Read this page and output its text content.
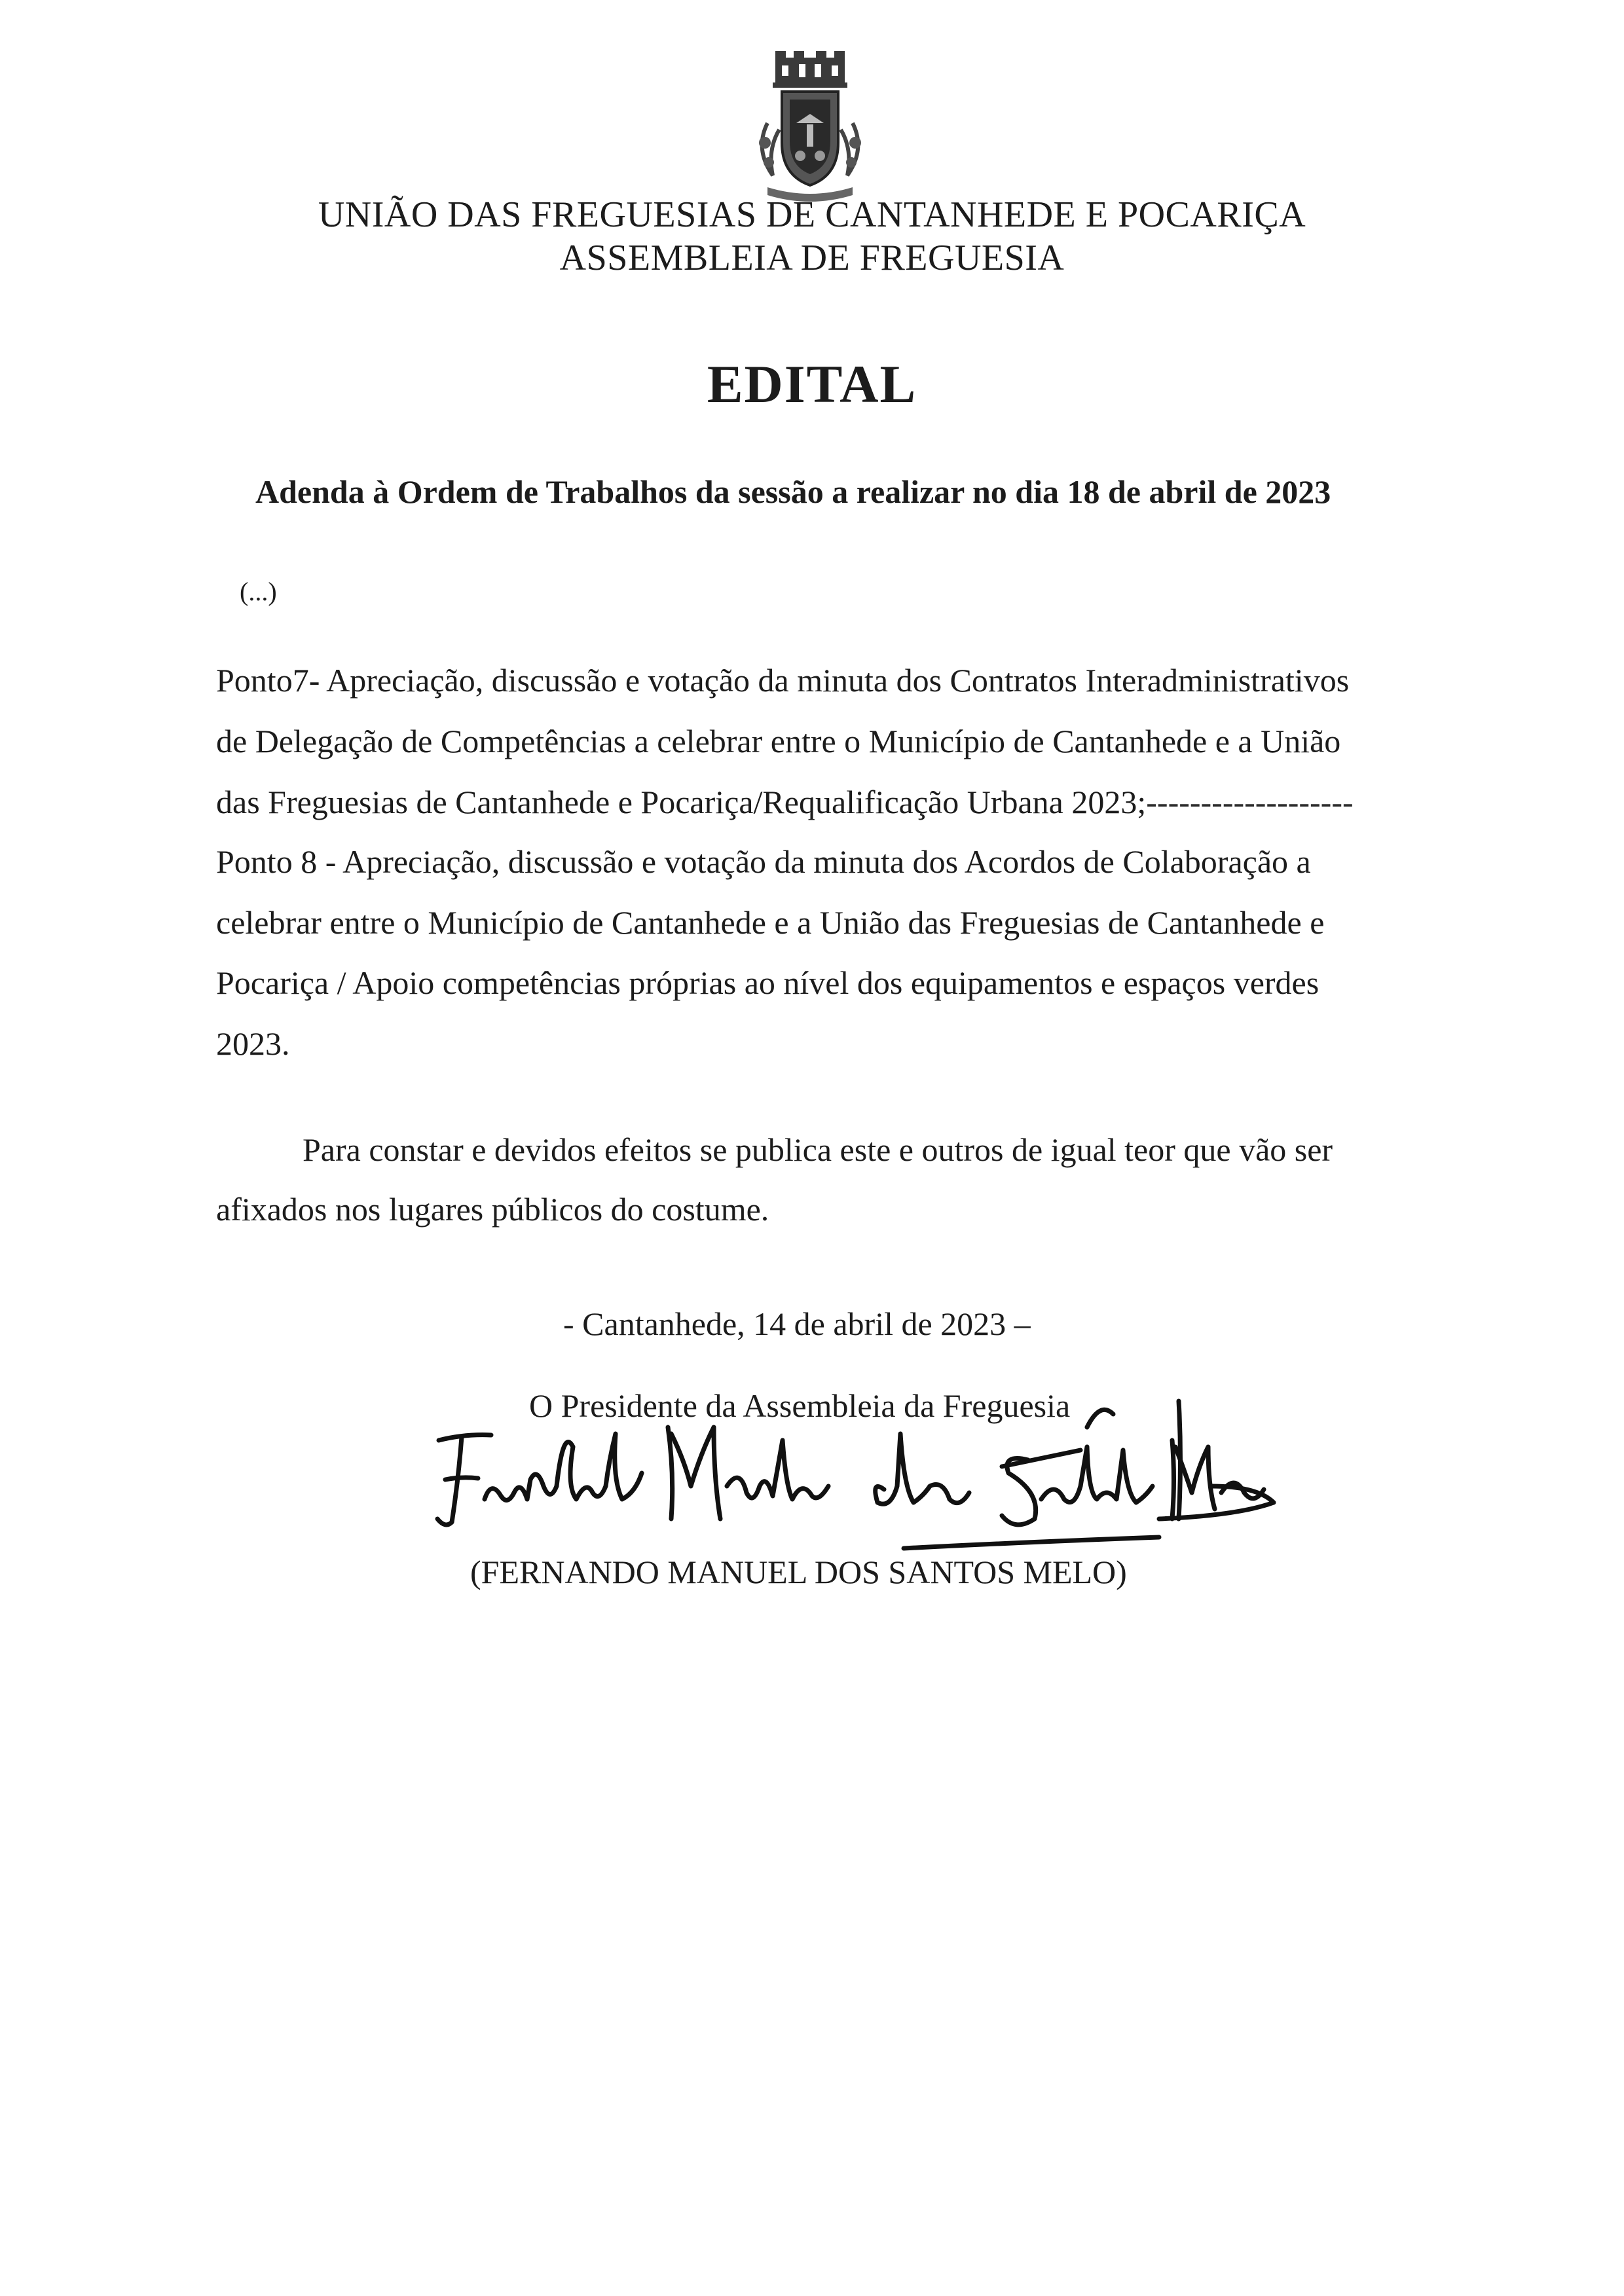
UNIÃO DAS FREGUESIAS DE CANTANHEDE E POCARIÇA
ASSEMBLEIA DE FREGUESIA
EDITAL
Adenda à Ordem de Trabalhos da sessão a realizar no dia 18 de abril de 2023
(...)
Ponto7- Apreciação, discussão e votação da minuta dos Contratos Interadministrativos
de Delegação de Competências a celebrar entre o Município de Cantanhede e a União
das Freguesias de Cantanhede e Pocariça/Requalificação Urbana 2023;-------------------
Ponto 8 - Apreciação, discussão e votação da minuta dos Acordos de Colaboração a
celebrar entre o Município de Cantanhede e a União das Freguesias de Cantanhede e
Pocariça / Apoio competências próprias ao nível dos equipamentos e espaços verdes
2023.
Para constar e devidos efeitos se publica este e outros de igual teor que vão ser
afixados nos lugares públicos do costume.
- Cantanhede, 14 de abril de 2023 –
O Presidente da Assembleia da Freguesia
(FERNANDO MANUEL DOS SANTOS MELO)
